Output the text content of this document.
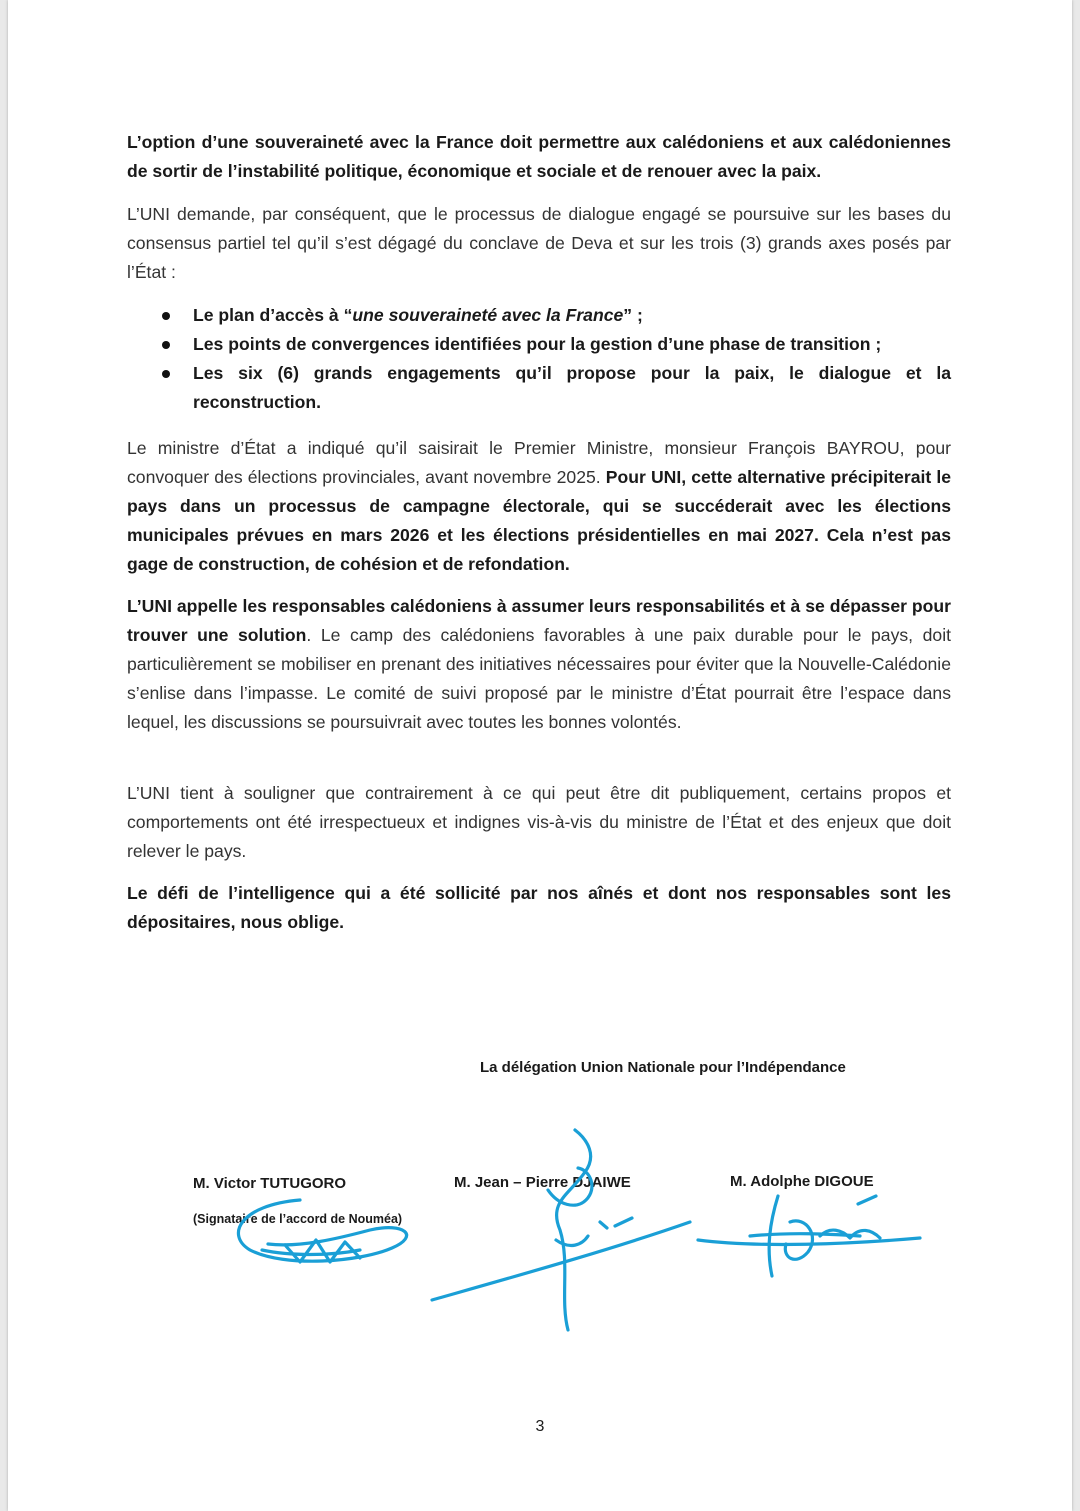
L’option d’une souveraineté avec la France doit permettre aux calédoniens et aux calédoniennes de sortir de l’instabilité politique, économique et sociale et de renouer avec la paix.

L’UNI demande, par conséquent, que le processus de dialogue engagé se poursuive sur les bases du consensus partiel tel qu’il s’est dégagé du conclave de Deva et sur les trois (3) grands axes posés par l’État :

Le plan d’accès à “une souveraineté avec la France” ;
Les points de convergences identifiées pour la gestion d’une phase de transition ;
Les six (6) grands engagements qu’il propose pour la paix, le dialogue et la reconstruction.

Le ministre d’État a indiqué qu’il saisirait le Premier Ministre, monsieur François BAYROU, pour convoquer des élections provinciales, avant novembre 2025. Pour UNI, cette alternative précipiterait le pays dans un processus de campagne électorale, qui se succéderait avec les élections municipales prévues en mars 2026 et les élections présidentielles en mai 2027. Cela n’est pas gage de construction, de cohésion et de refondation.

L’UNI appelle les responsables calédoniens à assumer leurs responsabilités et à se dépasser pour trouver une solution. Le camp des calédoniens favorables à une paix durable pour le pays, doit particulièrement se mobiliser en prenant des initiatives nécessaires pour éviter que la Nouvelle-Calédonie s’enlise dans l’impasse. Le comité de suivi proposé par le ministre d’État pourrait être l’espace dans lequel, les discussions se poursuivrait avec toutes les bonnes volontés.

L’UNI tient à souligner que contrairement à ce qui peut être dit publiquement, certains propos et comportements ont été irrespectueux et indignes vis-à-vis du ministre de l’État et des enjeux que doit relever le pays.

Le défi de l’intelligence qui a été sollicité par nos aînés et dont nos responsables sont les dépositaires, nous oblige.

La délégation Union Nationale pour l’Indépendance
M. Victor TUTUGORO
(Signataire de l’accord de Nouméa)
M. Jean – Pierre DJAIWE	M. Adolphe DIGOUE
3
